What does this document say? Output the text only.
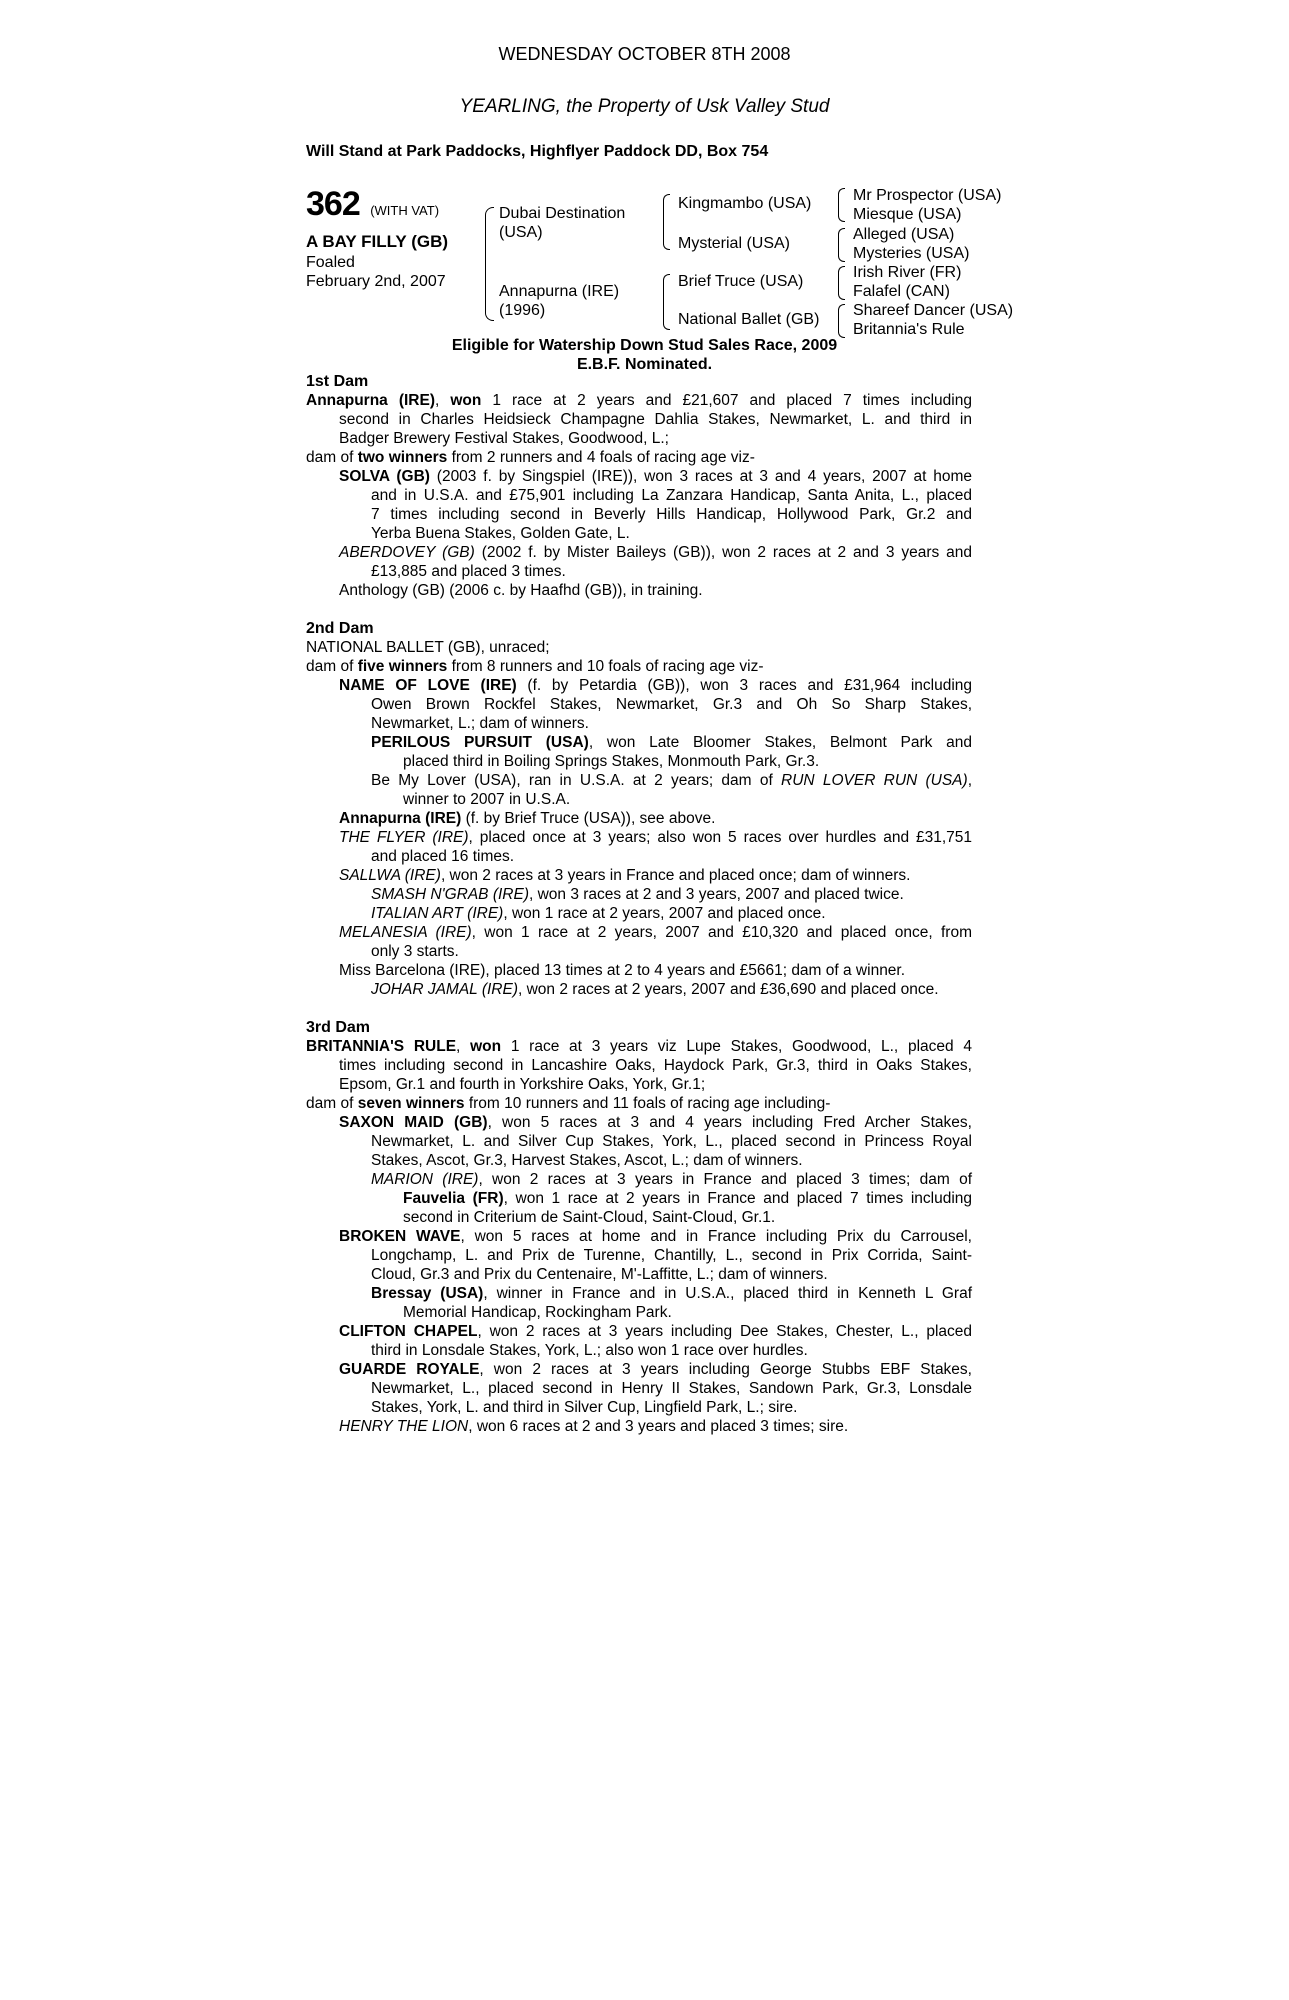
WEDNESDAY OCTOBER 8TH 2008
YEARLING, the Property of Usk Valley Stud
Will Stand at Park Paddocks, Highflyer Paddock DD, Box 754
362 (WITH VAT)
A BAY FILLY (GB)
Foaled
February 2nd, 2007
Dubai Destination
(USA)
Annapurna (IRE)
(1996)
Kingmambo (USA)
Mysterial (USA)
Brief Truce (USA)
National Ballet (GB)
Mr Prospector (USA)
Miesque (USA)
Alleged (USA)
Mysteries (USA)
Irish River (FR)
Falafel (CAN)
Shareef Dancer (USA)
Britannia's Rule
Eligible for Watership Down Stud Sales Race, 2009
E.B.F. Nominated.
1st Dam
Annapurna (IRE), won 1 race at 2 years and £21,607 and placed 7 times including
second in Charles Heidsieck Champagne Dahlia Stakes, Newmarket, L. and third in
Badger Brewery Festival Stakes, Goodwood, L.;
dam of two winners from 2 runners and 4 foals of racing age viz-
SOLVA (GB) (2003 f. by Singspiel (IRE)), won 3 races at 3 and 4 years, 2007 at home
and in U.S.A. and £75,901 including La Zanzara Handicap, Santa Anita, L., placed
7 times including second in Beverly Hills Handicap, Hollywood Park, Gr.2 and
Yerba Buena Stakes, Golden Gate, L.
ABERDOVEY (GB) (2002 f. by Mister Baileys (GB)), won 2 races at 2 and 3 years and
£13,885 and placed 3 times.
Anthology (GB) (2006 c. by Haafhd (GB)), in training.
2nd Dam
NATIONAL BALLET (GB), unraced;
dam of five winners from 8 runners and 10 foals of racing age viz-
NAME OF LOVE (IRE) (f. by Petardia (GB)), won 3 races and £31,964 including
Owen Brown Rockfel Stakes, Newmarket, Gr.3 and Oh So Sharp Stakes,
Newmarket, L.; dam of winners.
PERILOUS PURSUIT (USA), won Late Bloomer Stakes, Belmont Park and
placed third in Boiling Springs Stakes, Monmouth Park, Gr.3.
Be My Lover (USA), ran in U.S.A. at 2 years; dam of RUN LOVER RUN (USA),
winner to 2007 in U.S.A.
Annapurna (IRE) (f. by Brief Truce (USA)), see above.
THE FLYER (IRE), placed once at 3 years; also won 5 races over hurdles and £31,751
and placed 16 times.
SALLWA (IRE), won 2 races at 3 years in France and placed once; dam of winners.
SMASH N'GRAB (IRE), won 3 races at 2 and 3 years, 2007 and placed twice.
ITALIAN ART (IRE), won 1 race at 2 years, 2007 and placed once.
MELANESIA (IRE), won 1 race at 2 years, 2007 and £10,320 and placed once, from
only 3 starts.
Miss Barcelona (IRE), placed 13 times at 2 to 4 years and £5661; dam of a winner.
JOHAR JAMAL (IRE), won 2 races at 2 years, 2007 and £36,690 and placed once.
3rd Dam
BRITANNIA'S RULE, won 1 race at 3 years viz Lupe Stakes, Goodwood, L., placed 4
times including second in Lancashire Oaks, Haydock Park, Gr.3, third in Oaks Stakes,
Epsom, Gr.1 and fourth in Yorkshire Oaks, York, Gr.1;
dam of seven winners from 10 runners and 11 foals of racing age including-
SAXON MAID (GB), won 5 races at 3 and 4 years including Fred Archer Stakes,
Newmarket, L. and Silver Cup Stakes, York, L., placed second in Princess Royal
Stakes, Ascot, Gr.3, Harvest Stakes, Ascot, L.; dam of winners.
MARION (IRE), won 2 races at 3 years in France and placed 3 times; dam of
Fauvelia (FR), won 1 race at 2 years in France and placed 7 times including
second in Criterium de Saint-Cloud, Saint-Cloud, Gr.1.
BROKEN WAVE, won 5 races at home and in France including Prix du Carrousel,
Longchamp, L. and Prix de Turenne, Chantilly, L., second in Prix Corrida, Saint-
Cloud, Gr.3 and Prix du Centenaire, M'-Laffitte, L.; dam of winners.
Bressay (USA), winner in France and in U.S.A., placed third in Kenneth L Graf
Memorial Handicap, Rockingham Park.
CLIFTON CHAPEL, won 2 races at 3 years including Dee Stakes, Chester, L., placed
third in Lonsdale Stakes, York, L.; also won 1 race over hurdles.
GUARDE ROYALE, won 2 races at 3 years including George Stubbs EBF Stakes,
Newmarket, L., placed second in Henry II Stakes, Sandown Park, Gr.3, Lonsdale
Stakes, York, L. and third in Silver Cup, Lingfield Park, L.; sire.
HENRY THE LION, won 6 races at 2 and 3 years and placed 3 times; sire.
